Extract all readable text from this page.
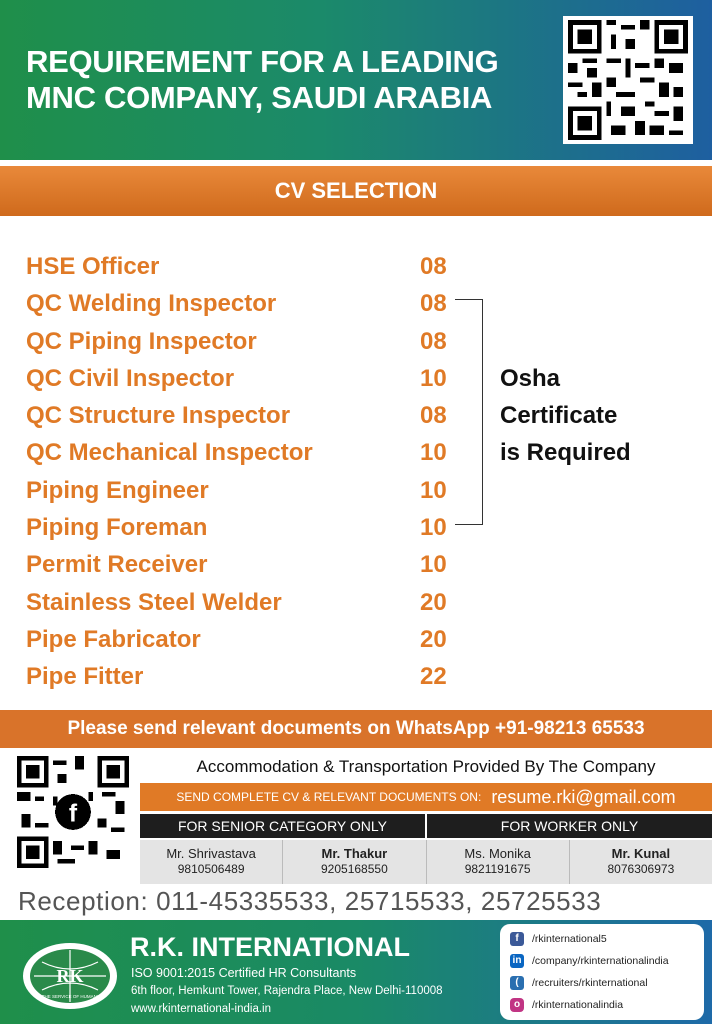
REQUIREMENT FOR A LEADING
MNC COMPANY, SAUDI ARABIA
CV SELECTION
HSE Officer	08
QC Welding Inspector	08
QC Piping Inspector	08
QC Civil Inspector	10
QC Structure Inspector	08
QC Mechanical Inspector	10
Piping Engineer	10
Piping Foreman	10
Permit Receiver	10
Stainless Steel Welder	20
Pipe Fabricator	20
Pipe Fitter	22
Osha
Certificate
is Required
Please send relevant documents on WhatsApp +91-98213 65533
f
Accommodation & Transportation Provided By The Company
SEND COMPLETE CV & RELEVANT DOCUMENTS ON: resume.rki@gmail.com
FOR SENIOR CATEGORY ONLY	FOR WORKER ONLY
Mr. Shrivastava
9810506489
Mr. Thakur
9205168550
Ms. Monika
9821191675
Mr. Kunal
8076306973
Reception: 011-45335533, 25715533, 25725533
RK
IN THE SERVICE OF HUMANITY
R.K. INTERNATIONAL
ISO 9001:2015 Certified HR Consultants
6th floor, Hemkunt Tower, Rajendra Place, New Delhi-110008
www.rkinternational-india.in
f	/rkinternational5
in /company/rkinternationalindia
(	/recruiters/rkinternational
o	/rkinternationalindia
